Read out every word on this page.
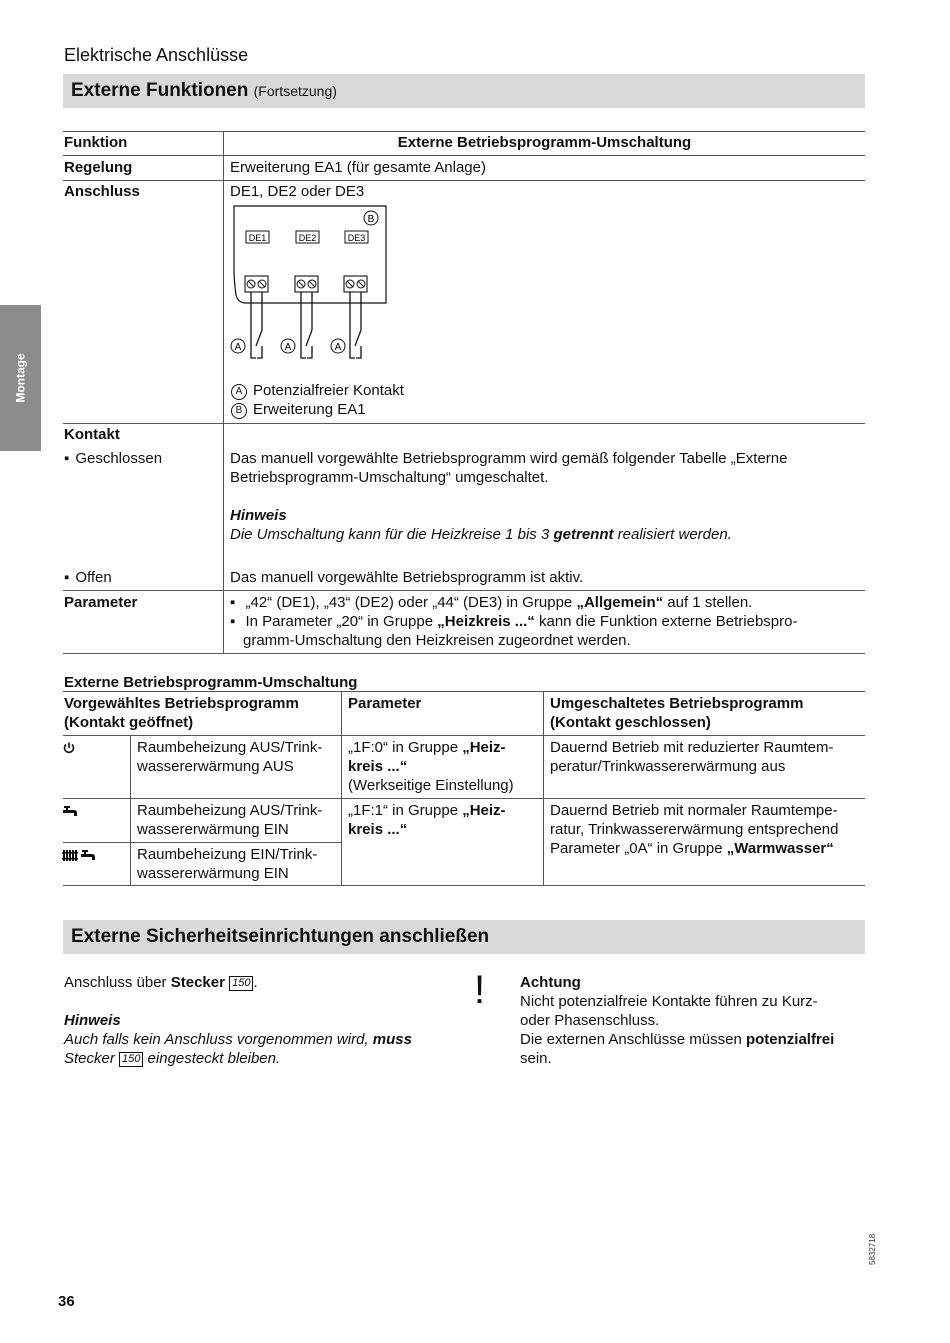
Elektrische Anschlüsse
Externe Funktionen (Fortsetzung)
Montage
Funktion	Externe Betriebsprogramm-Umschaltung
Regelung	Erweiterung EA1 (für gesamte Anlage)
Anschluss	DE1, DE2 oder DE3
B
DE1	DE2	DE3
A	A	A
A Potenzialfreier Kontakt
B Erweiterung EA1
Kontakt
▪ Geschlossen	Das manuell vorgewählte Betriebsprogramm wird gemäß folgender Tabelle „Externe
Betriebsprogramm-Umschaltung“ umgeschaltet.
Hinweis
Die Umschaltung kann für die Heizkreise 1 bis 3 getrennt realisiert werden.
▪ Offen	Das manuell vorgewählte Betriebsprogramm ist aktiv.
Parameter
▪	„42“ (DE1), „43“ (DE2) oder „44“ (DE3) in Gruppe „Allgemein“ auf 1 stellen.
▪ In Parameter „20“ in Gruppe „Heizkreis ...“ kann die Funktion externe Betriebspro-
gramm-Umschaltung den Heizkreisen zugeordnet werden.
Externe Betriebsprogramm-Umschaltung
Vorgewähltes Betriebsprogramm
(Kontakt geöffnet)
Parameter	Umgeschaltetes Betriebsprogramm
(Kontakt geschlossen)
Raumbeheizung AUS/Trink-
wassererwärmung AUS
„1F:0“ in Gruppe „Heiz-
kreis ...“
(Werkseitige Einstellung)
Dauernd Betrieb mit reduzierter Raumtem-
peratur/Trinkwassererwärmung aus
Raumbeheizung AUS/Trink-
wassererwärmung EIN
„1F:1“ in Gruppe „Heiz-
kreis ...“
Dauernd Betrieb mit normaler Raumtempe-
ratur, Trinkwassererwärmung entsprechend
Parameter „0A“ in Gruppe „Warmwasser“
Raumbeheizung EIN/Trink-
wassererwärmung EIN
Externe Sicherheitseinrichtungen anschließen
Anschluss über Stecker 150 .
Hinweis
Auch falls kein Anschluss vorgenommen wird, muss
Stecker 150 eingesteckt bleiben.
! Achtung
Nicht potenzialfreie Kontakte führen zu Kurz-
oder Phasenschluss.
Die externen Anschlüsse müssen potenzialfrei
sein.
36
5832718
